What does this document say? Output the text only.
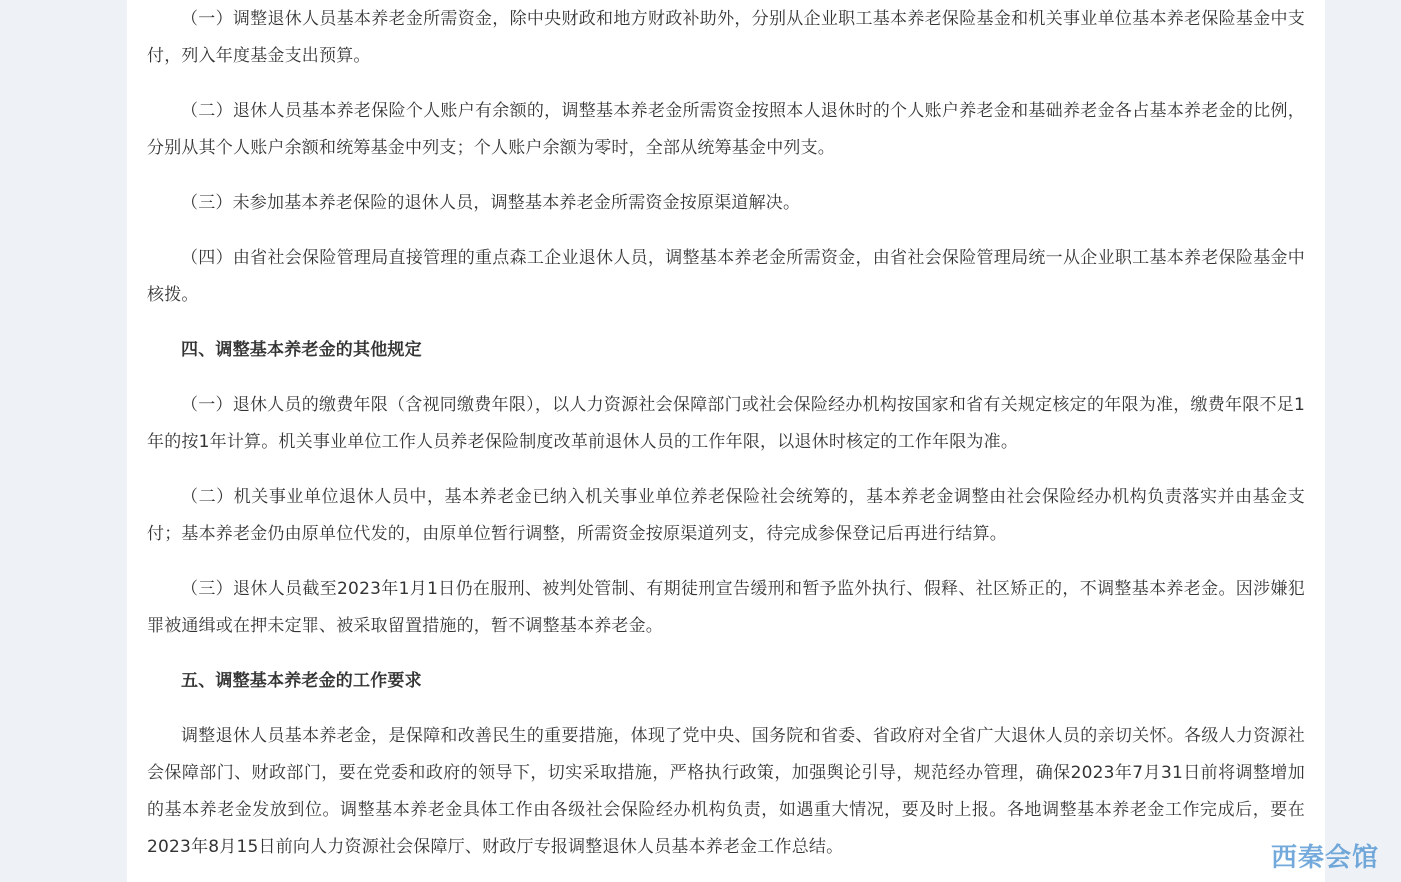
（一）调整退休人员基本养老金所需资金，除中央财政和地方财政补助外，分别从企业职工基本养老保险基金和机关事业单位基本养老保险基金中支付，列入年度基金支出预算。

（二）退休人员基本养老保险个人账户有余额的，调整基本养老金所需资金按照本人退休时的个人账户养老金和基础养老金各占基本养老金的比例，分别从其个人账户余额和统筹基金中列支；个人账户余额为零时，全部从统筹基金中列支。

（三）未参加基本养老保险的退休人员，调整基本养老金所需资金按原渠道解决。

（四）由省社会保险管理局直接管理的重点森工企业退休人员，调整基本养老金所需资金，由省社会保险管理局统一从企业职工基本养老保险基金中核拨。

四、调整基本养老金的其他规定

（一）退休人员的缴费年限（含视同缴费年限），以人力资源社会保障部门或社会保险经办机构按国家和省有关规定核定的年限为准，缴费年限不足1年的按1年计算。机关事业单位工作人员养老保险制度改革前退休人员的工作年限，以退休时核定的工作年限为准。

（二）机关事业单位退休人员中，基本养老金已纳入机关事业单位养老保险社会统筹的，基本养老金调整由社会保险经办机构负责落实并由基金支付；基本养老金仍由原单位代发的，由原单位暂行调整，所需资金按原渠道列支，待完成参保登记后再进行结算。

（三）退休人员截至2023年1月1日仍在服刑、被判处管制、有期徒刑宣告缓刑和暂予监外执行、假释、社区矫正的，不调整基本养老金。因涉嫌犯罪被通缉或在押未定罪、被采取留置措施的，暂不调整基本养老金。

五、调整基本养老金的工作要求

调整退休人员基本养老金，是保障和改善民生的重要措施，体现了党中央、国务院和省委、省政府对全省广大退休人员的亲切关怀。各级人力资源社会保障部门、财政部门，要在党委和政府的领导下，切实采取措施，严格执行政策，加强舆论引导，规范经办管理，确保2023年7月31日前将调整增加的基本养老金发放到位。调整基本养老金具体工作由各级社会保险经办机构负责，如遇重大情况，要及时上报。各地调整基本养老金工作完成后，要在2023年8月15日前向人力资源社会保障厅、财政厅专报调整退休人员基本养老金工作总结。	西秦会馆
